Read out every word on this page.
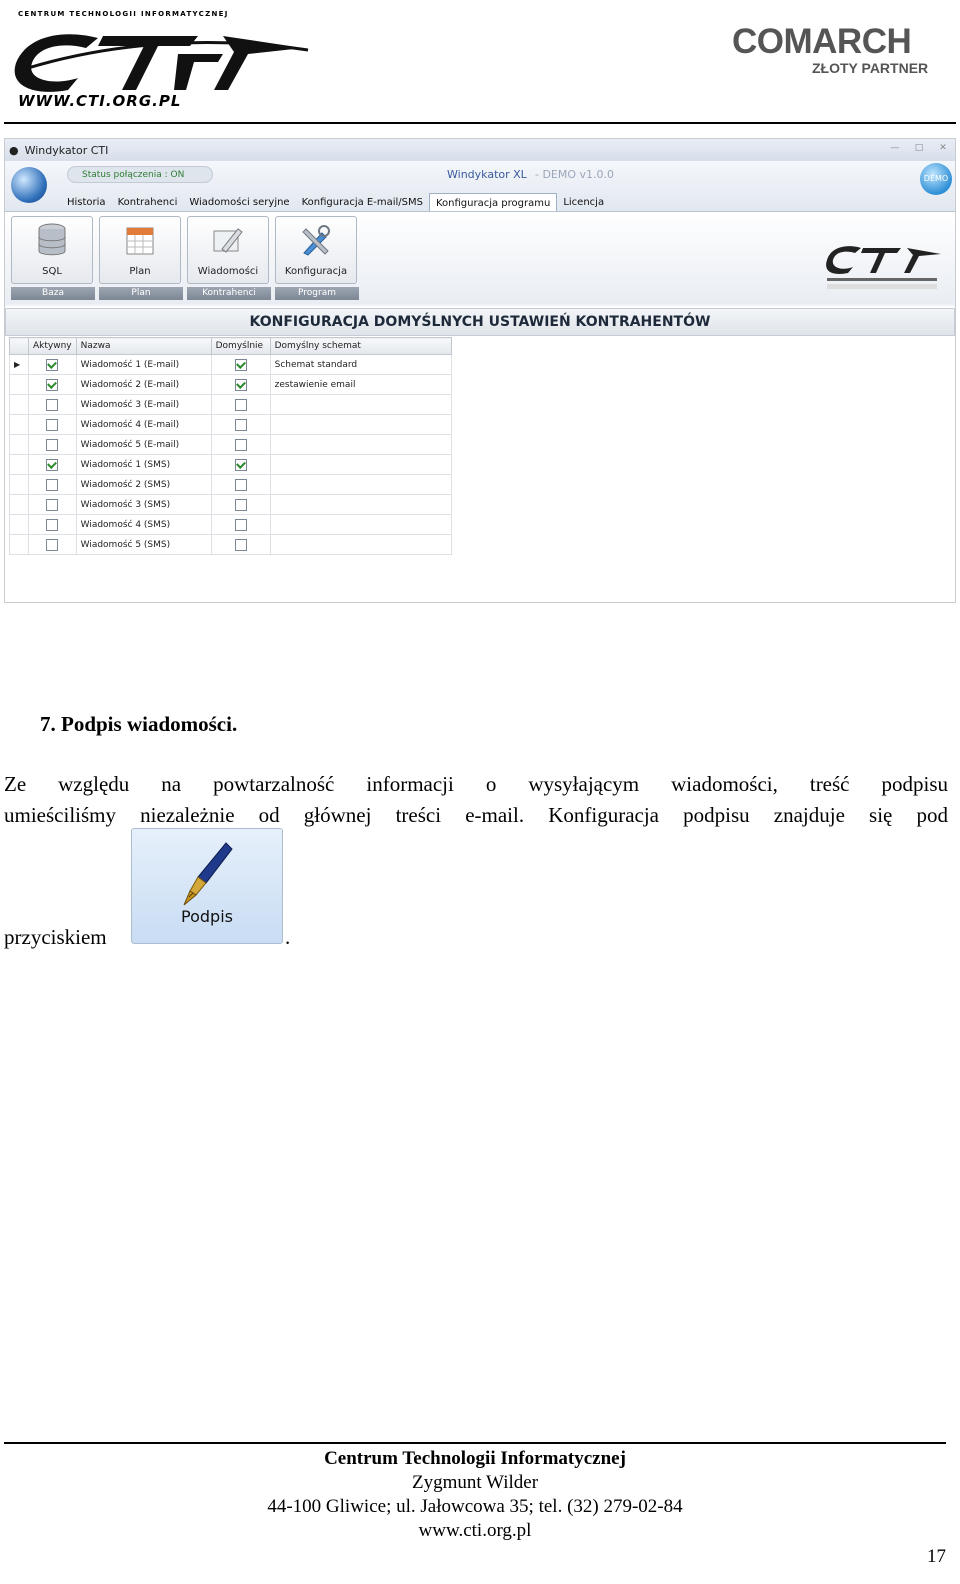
CENTRUM TECHNOLOGII INFORMATYCZNEJ
WWW.CTI.ORG.PL
COMARCH
ZŁOTY PARTNER
● Windykator CTI	—	□	✕
Status połączenia : ON	Windykator XL - DEMO v1.0.0	DEMO
Historia	Kontrahenci	Wiadomości seryjne	Konfiguracja E-mail/SMS	Konfiguracja programu	Licencja
SQL	Plan	Wiadomości	Konfiguracja
Baza	Plan	Kontrahenci	Program
KONFIGURACJA DOMYŚLNYCH USTAWIEŃ KONTRAHENTÓW
	Aktywny	Nazwa	Domyślnie	Domyślny schemat
▶		Wiadomość 1 (E-mail)		Schemat standard
		Wiadomość 2 (E-mail)		zestawienie email
		Wiadomość 3 (E-mail)		
		Wiadomość 4 (E-mail)		
		Wiadomość 5 (E-mail)		
		Wiadomość 1 (SMS)		
		Wiadomość 2 (SMS)		
		Wiadomość 3 (SMS)		
		Wiadomość 4 (SMS)		
		Wiadomość 5 (SMS)		
7. Podpis wiadomości.
Ze względu na powtarzalność informacji o wysyłającym wiadomości, treść podpisu
umieściliśmy niezależnie od głównej treści e-mail. Konfiguracja podpisu znajduje się pod
przyciskiem
Podpis
.
Centrum Technologii Informatycznej
Zygmunt Wilder
44-100 Gliwice; ul. Jałowcowa 35; tel. (32) 279-02-84
www.cti.org.pl
17
